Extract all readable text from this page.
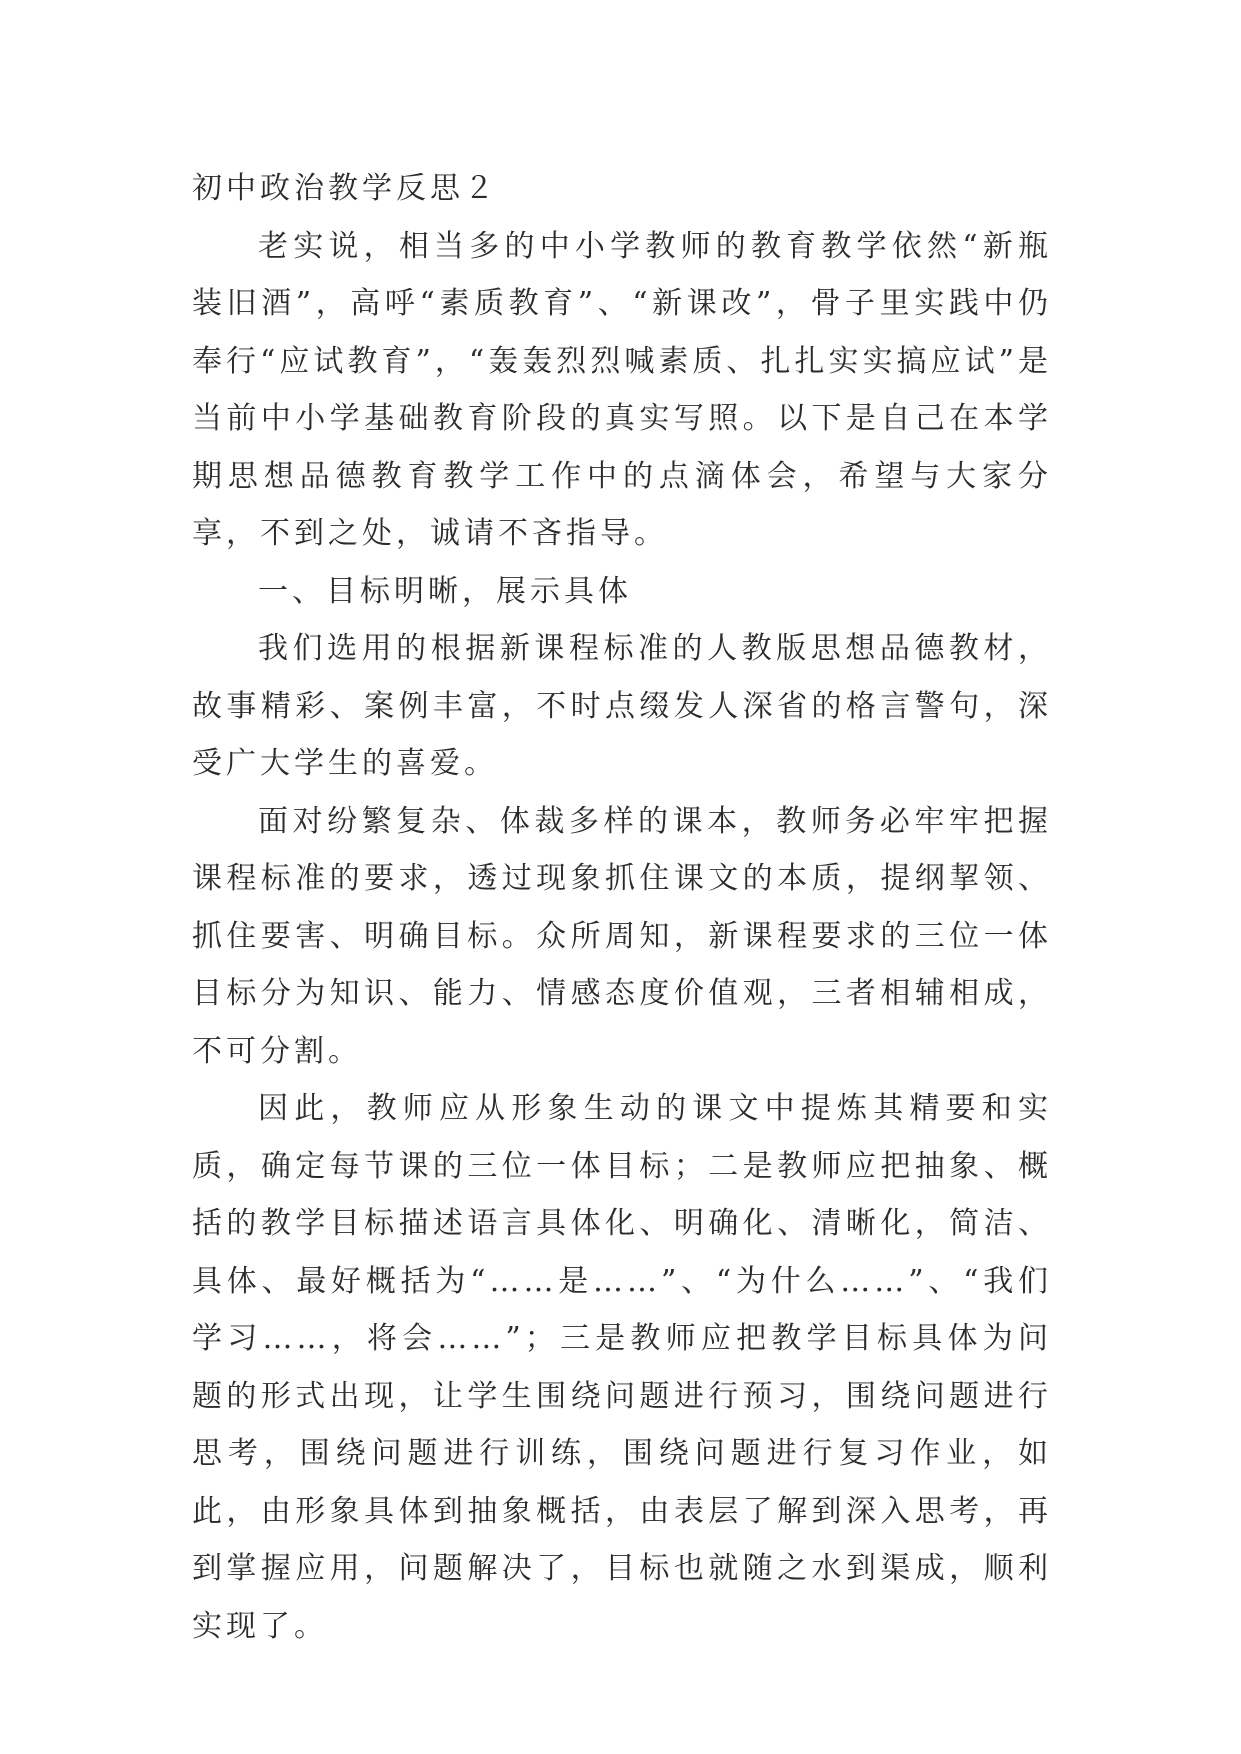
初中政治教学反思２

老实说，相当多的中小学教师的教育教学依然“新瓶装旧酒”，高呼“素质教育”、“新课改”，骨子里实践中仍奉行“应试教育”，“轰轰烈烈喊素质、扎扎实实搞应试”是当前中小学基础教育阶段的真实写照。以下是自己在本学期思想品德教育教学工作中的点滴体会，希望与大家分享，不到之处，诚请不吝指导。

一、目标明晰，展示具体

我们选用的根据新课程标准的人教版思想品德教材，故事精彩、案例丰富，不时点缀发人深省的格言警句，深受广大学生的喜爱。

面对纷繁复杂、体裁多样的课本，教师务必牢牢把握课程标准的要求，透过现象抓住课文的本质，提纲挈领、抓住要害、明确目标。众所周知，新课程要求的三位一体目标分为知识、能力、情感态度价值观，三者相辅相成，不可分割。

因此，教师应从形象生动的课文中提炼其精要和实质，确定每节课的三位一体目标；二是教师应把抽象、概括的教学目标描述语言具体化、明确化、清晰化，简洁、具体、最好概括为“……是……”、“为什么……”、“我们学习……，将会……”；三是教师应把教学目标具体为问题的形式出现，让学生围绕问题进行预习，围绕问题进行思考，围绕问题进行训练，围绕问题进行复习作业，如此，由形象具体到抽象概括，由表层了解到深入思考，再到掌握应用，问题解决了，目标也就随之水到渠成，顺利实现了。
